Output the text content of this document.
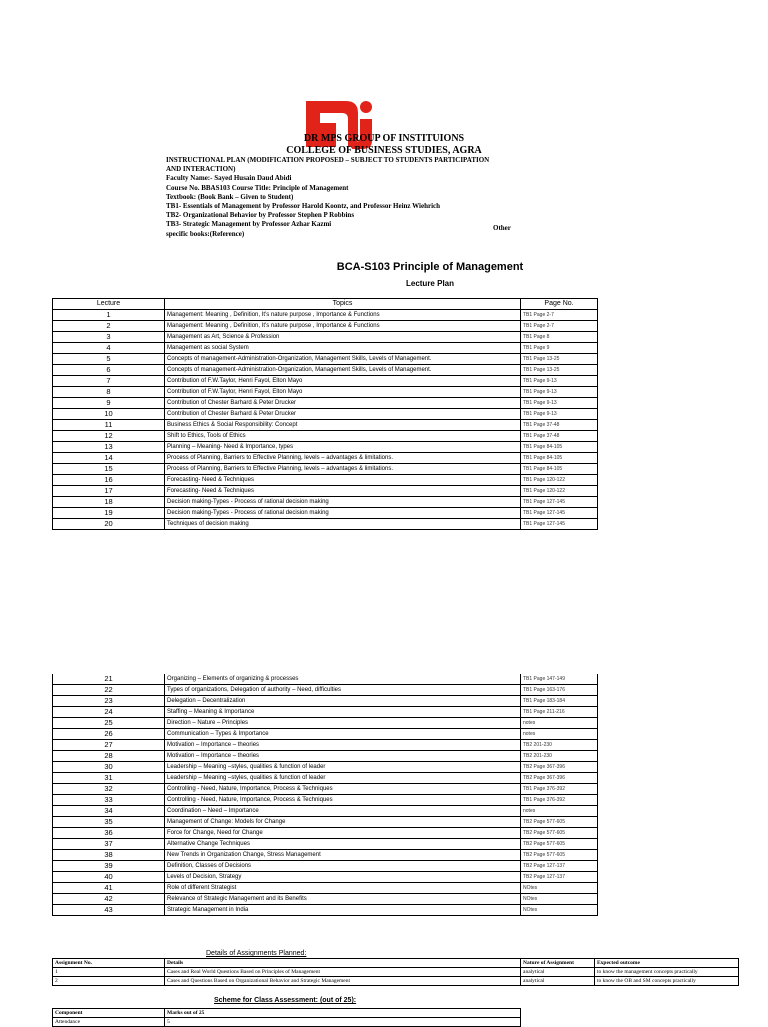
DR MPS GROUP OF INSTITUIONS
COLLEGE OF BUSINESS STUDIES, AGRA
INSTRUCTIONAL PLAN (MODIFICATION PROPOSED – SUBJECT TO STUDENTS PARTICIPATION
AND INTERACTION)
Faculty Name:- Sayed Husain Daud Abidi
Course No. BBAS103 Course Title: Principle of Management
Textbook: (Book Bank – Given to Student)
TB1- Essentials of Management by Professor Harold Koontz, and Professor Heinz Wiehrich
TB2- Organizational Behavior by Professor Stephen P Robbins
TB3- Strategic Management by Professor Azhar Kazmi
specific books:(Reference)
Other
BCA-S103 Principle of Management
Lecture Plan
Lecture	Topics	Page No.
1	Management: Meaning , Definition, It's nature purpose , Importance & Functions	TB1 Page 2-7
2	Management: Meaning , Definition, It's nature purpose , Importance & Functions	TB1 Page 2-7
3	Management as Art, Science & Profession	TB1 Page 8
4	Management as social System	TB1 Page 9
5	Concepts of management-Administration-Organization, Management Skills, Levels of Management.	TB1 Page 13-25
6	Concepts of management-Administration-Organization, Management Skills, Levels of Management.	TB1 Page 13-25
7	Contribution of F.W.Taylor, Henri Fayol, Elton Mayo	TB1 Page 9-13
8	Contribution of F.W.Taylor, Henri Fayol, Elton Mayo	TB1 Page 9-13
9	Contribution of Chester Barhard & Peter Drucker	TB1 Page 9-13
10	Contribution of Chester Barhard & Peter Drucker	TB1 Page 9-13
11	Business Ethics & Social Responsibility: Concept	TB1 Page 37-48
12	Shift to Ethics, Tools of Ethics	TB1 Page 37-48
13	Planning – Meaning- Need & Importance, types	TB1 Page 84-105
14	Process of Planning, Barriers to Effective Planning, levels – advantages & limitations.	TB1 Page 84-105
15	Process of Planning, Barriers to Effective Planning, levels – advantages & limitations.	TB1 Page 84-105
16	Forecasting- Need & Techniques	TB1 Page 120-122
17	Forecasting- Need & Techniques	TB1 Page 120-122
18	Decision making-Types - Process of rational decision making	TB1 Page 127-145
19	Decision making-Types - Process of rational decision making	TB1 Page 127-145
20	Techniques of decision making	TB1 Page 127-145
21	Organizing – Elements of organizing & processes	TB1 Page 147-149
22	Types of organizations, Delegation of authority – Need, difficulties	TB1 Page 163-176
23	Delegation – Decentralization	TB1 Page 183-184
24	Staffing – Meaning & Importance	TB1 Page 211-216
25	Direction – Nature – Principles	notes
26	Communication – Types & Importance	notes
27	Motivation – Importance – theories	TB2 201-230
28	Motivation – Importance – theories	TB2 201-230
30	Leadership – Meaning –styles, qualities & function of leader	TB2 Page 367-396
31	Leadership – Meaning –styles, qualities & function of leader	TB2 Page 367-396
32	Controlling - Need, Nature, Importance, Process & Techniques	TB1 Page 376-392
33	Controlling - Need, Nature, Importance, Process & Techniques	TB1 Page 376-392
34	Coordination – Need – Importance	notes
35	Management of Change: Models for Change	TB2 Page 577-605
36	Force for Change, Need for Change	TB2 Page 577-605
37	Alternative Change Techniques	TB2 Page 577-605
38	New Trends in Organization Change, Stress Management	TB2 Page 577-605
39	Definition, Classes of Decisions	TB2 Page 127-137
40	Levels of Decision, Strategy	TB2 Page 127-137
41	Role of different Strategist	NOtes
42	Relevance of Strategic Management and its Benefits	NOtes
43	Strategic Management in India	NOtes
Details of Assignments Planned:
Assignment No.	Details	Nature of Assignment	Expected outcome
1	Cases and Real World Questions Based on Principles of Management	analytical	to know the management concepts practically
2	Cases and Questions Based on Organizational Behavior and Strategic Management	analytical	to know the OB and SM concepts practically
Scheme for Class Assessment: (out of 25):
Component	Marks out of 25
Attendance	5
